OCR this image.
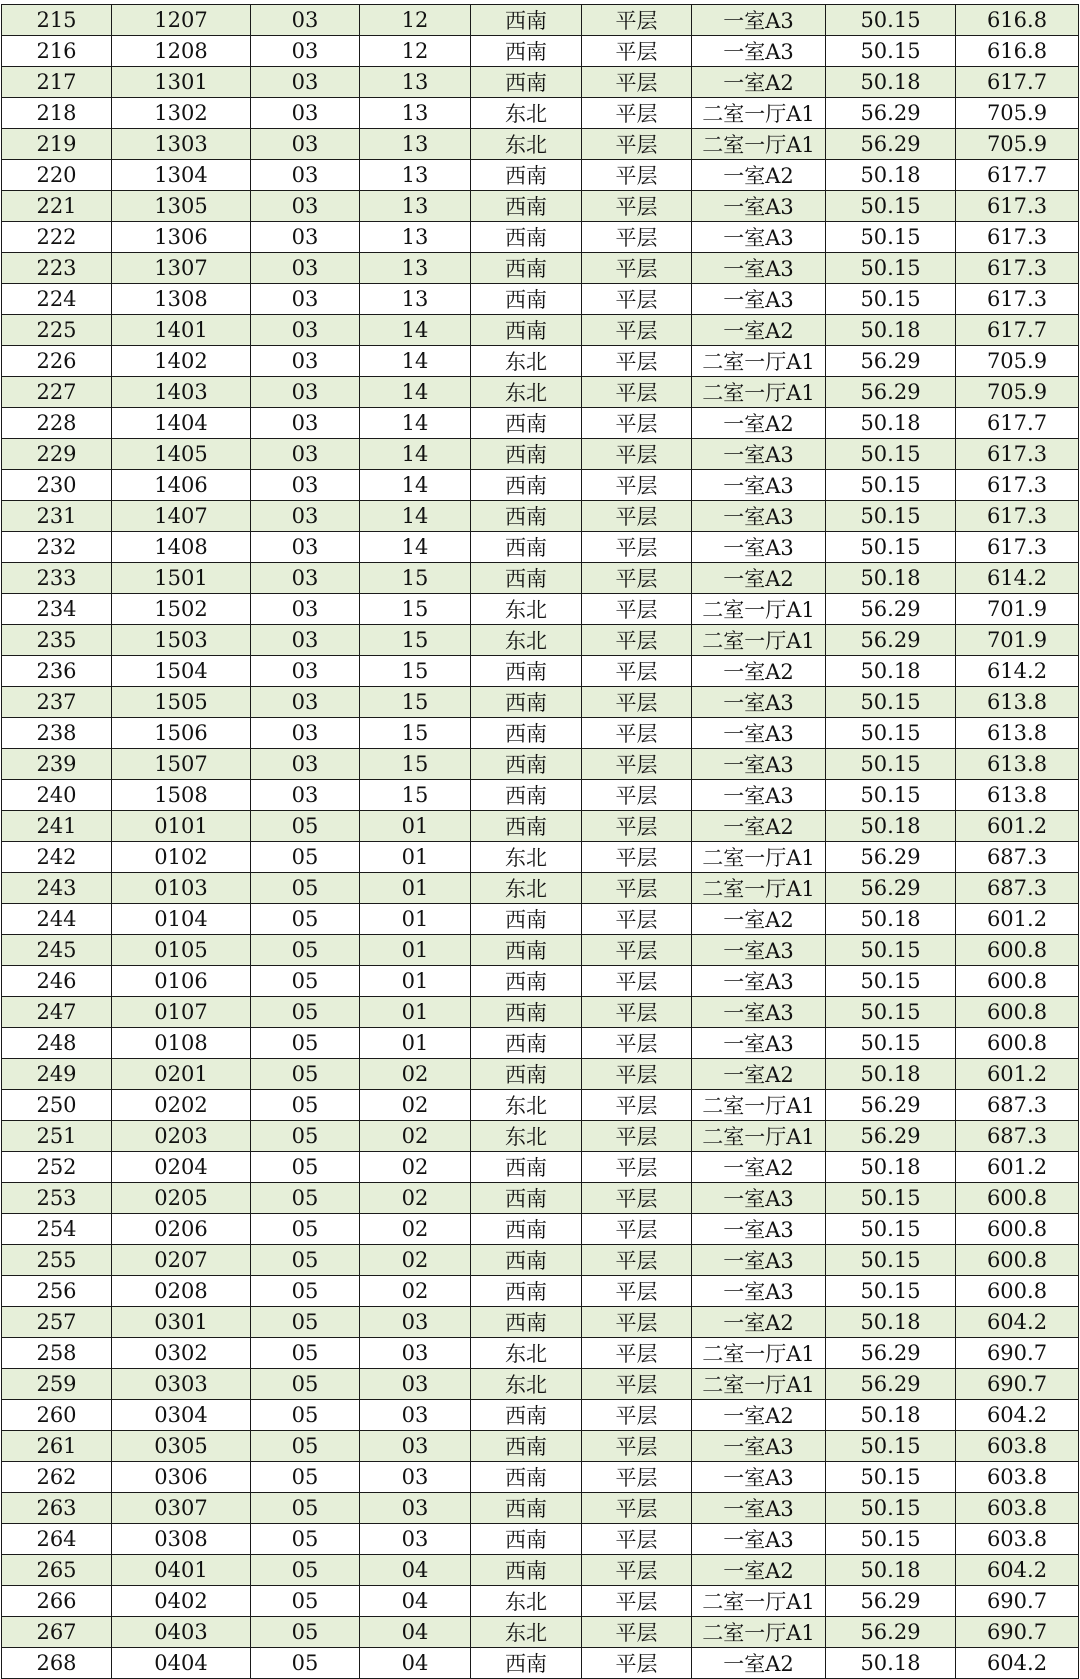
215	1207	03	12	西南	平层	一室A3	50.15	616.8
216	1208	03	12	西南	平层	一室A3	50.15	616.8
217	1301	03	13	西南	平层	一室A2	50.18	617.7
218	1302	03	13	东北	平层	二室一厅A1	56.29	705.9
219	1303	03	13	东北	平层	二室一厅A1	56.29	705.9
220	1304	03	13	西南	平层	一室A2	50.18	617.7
221	1305	03	13	西南	平层	一室A3	50.15	617.3
222	1306	03	13	西南	平层	一室A3	50.15	617.3
223	1307	03	13	西南	平层	一室A3	50.15	617.3
224	1308	03	13	西南	平层	一室A3	50.15	617.3
225	1401	03	14	西南	平层	一室A2	50.18	617.7
226	1402	03	14	东北	平层	二室一厅A1	56.29	705.9
227	1403	03	14	东北	平层	二室一厅A1	56.29	705.9
228	1404	03	14	西南	平层	一室A2	50.18	617.7
229	1405	03	14	西南	平层	一室A3	50.15	617.3
230	1406	03	14	西南	平层	一室A3	50.15	617.3
231	1407	03	14	西南	平层	一室A3	50.15	617.3
232	1408	03	14	西南	平层	一室A3	50.15	617.3
233	1501	03	15	西南	平层	一室A2	50.18	614.2
234	1502	03	15	东北	平层	二室一厅A1	56.29	701.9
235	1503	03	15	东北	平层	二室一厅A1	56.29	701.9
236	1504	03	15	西南	平层	一室A2	50.18	614.2
237	1505	03	15	西南	平层	一室A3	50.15	613.8
238	1506	03	15	西南	平层	一室A3	50.15	613.8
239	1507	03	15	西南	平层	一室A3	50.15	613.8
240	1508	03	15	西南	平层	一室A3	50.15	613.8
241	0101	05	01	西南	平层	一室A2	50.18	601.2
242	0102	05	01	东北	平层	二室一厅A1	56.29	687.3
243	0103	05	01	东北	平层	二室一厅A1	56.29	687.3
244	0104	05	01	西南	平层	一室A2	50.18	601.2
245	0105	05	01	西南	平层	一室A3	50.15	600.8
246	0106	05	01	西南	平层	一室A3	50.15	600.8
247	0107	05	01	西南	平层	一室A3	50.15	600.8
248	0108	05	01	西南	平层	一室A3	50.15	600.8
249	0201	05	02	西南	平层	一室A2	50.18	601.2
250	0202	05	02	东北	平层	二室一厅A1	56.29	687.3
251	0203	05	02	东北	平层	二室一厅A1	56.29	687.3
252	0204	05	02	西南	平层	一室A2	50.18	601.2
253	0205	05	02	西南	平层	一室A3	50.15	600.8
254	0206	05	02	西南	平层	一室A3	50.15	600.8
255	0207	05	02	西南	平层	一室A3	50.15	600.8
256	0208	05	02	西南	平层	一室A3	50.15	600.8
257	0301	05	03	西南	平层	一室A2	50.18	604.2
258	0302	05	03	东北	平层	二室一厅A1	56.29	690.7
259	0303	05	03	东北	平层	二室一厅A1	56.29	690.7
260	0304	05	03	西南	平层	一室A2	50.18	604.2
261	0305	05	03	西南	平层	一室A3	50.15	603.8
262	0306	05	03	西南	平层	一室A3	50.15	603.8
263	0307	05	03	西南	平层	一室A3	50.15	603.8
264	0308	05	03	西南	平层	一室A3	50.15	603.8
265	0401	05	04	西南	平层	一室A2	50.18	604.2
266	0402	05	04	东北	平层	二室一厅A1	56.29	690.7
267	0403	05	04	东北	平层	二室一厅A1	56.29	690.7
268	0404	05	04	西南	平层	一室A2	50.18	604.2
